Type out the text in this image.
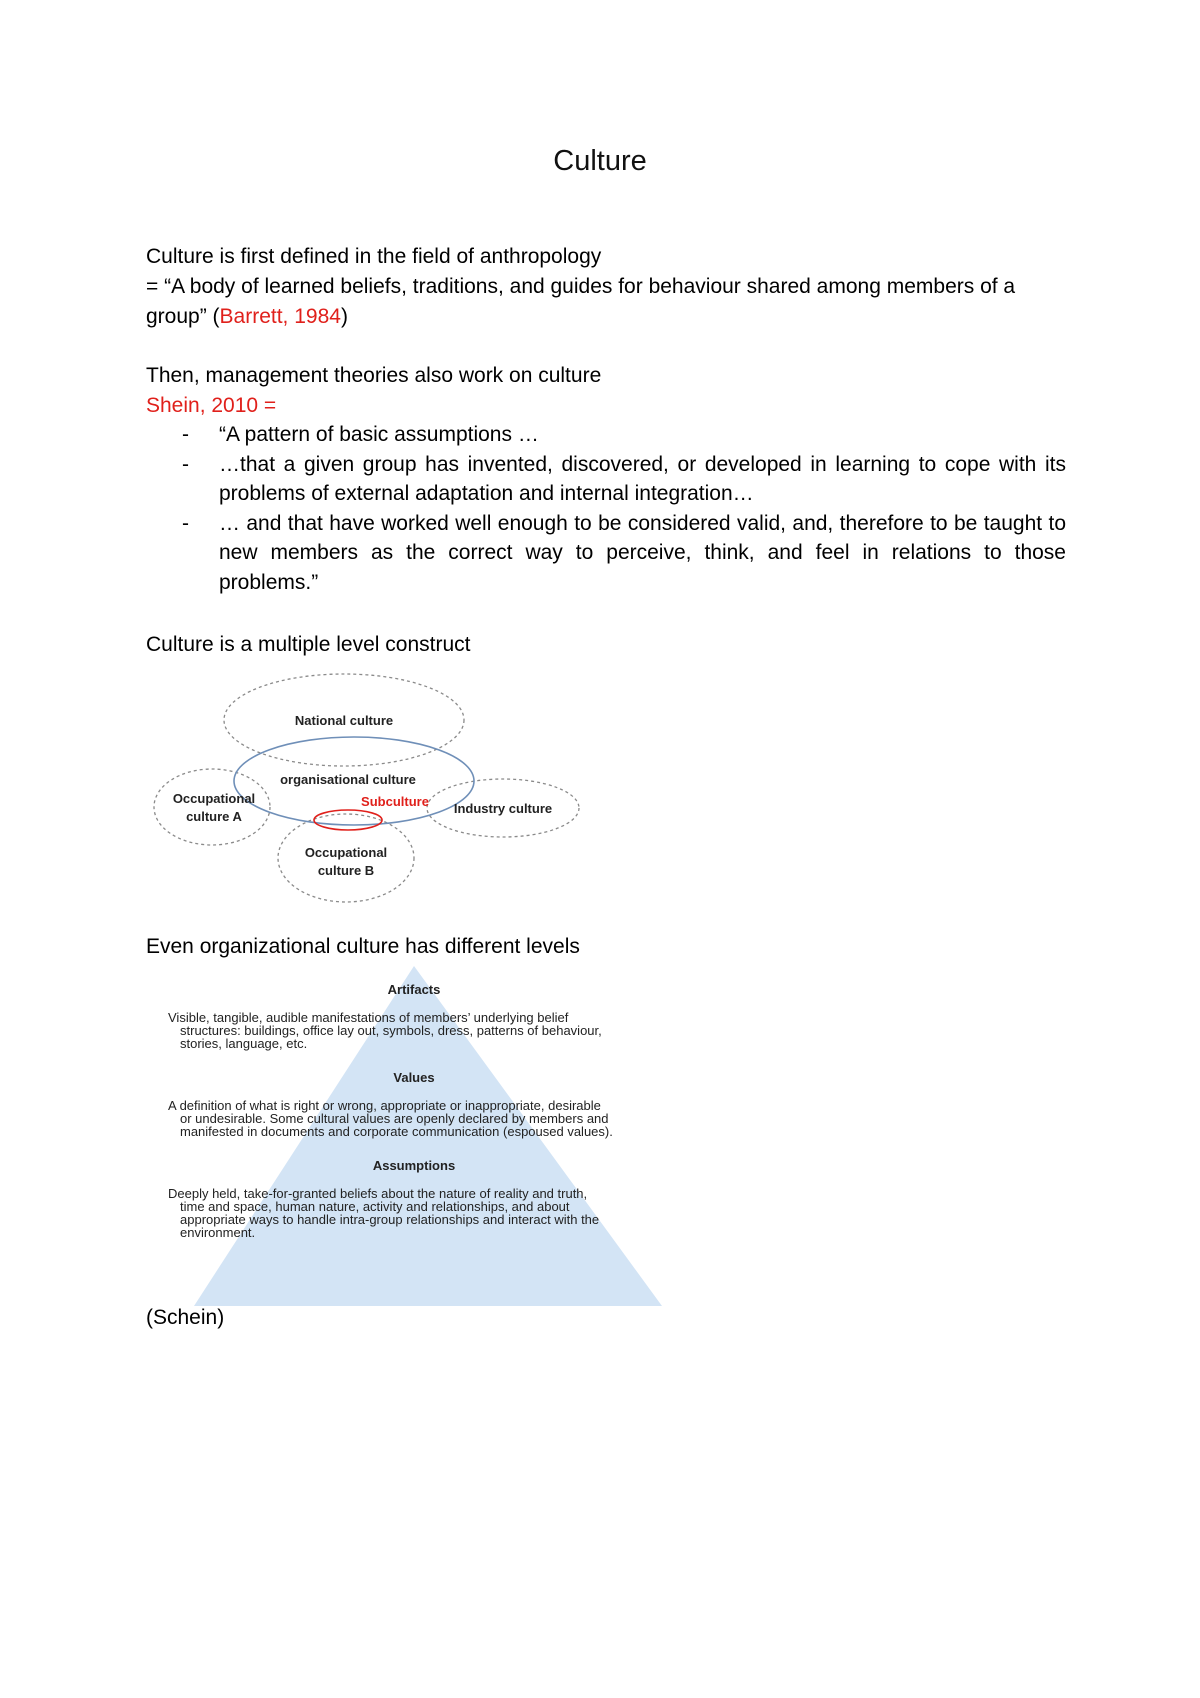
Culture

Culture is first defined in the field of anthropology

= “A body of learned beliefs, traditions, and guides for behaviour shared among members of a group” (Barrett, 1984)

Then, management theories also work on culture

Shein, 2010 =

- “A pattern of basic assumptions …
- …that a given group has invented, discovered, or developed in learning to cope with its problems of external adaptation and internal integration…
- … and that have worked well enough to be considered valid, and, therefore to be taught to new members as the correct way to perceive, think, and feel in relations to those problems.”

Culture is a multiple level construct

National culture
organisational culture
Industry culture
Occupational
culture A
Occupational
culture B
Subculture

Even organizational culture has different levels

Artifacts
Visible, tangible, audible manifestations of members’ underlying belief
structures: buildings, office lay out, symbols, dress, patterns of behaviour,
stories, language, etc.
Values
A definition of what is right or wrong, appropriate or inappropriate, desirable
or undesirable. Some cultural values are openly declared by members and
manifested in documents and corporate communication (espoused values).
Assumptions
Deeply held, take-for-granted beliefs about the nature of reality and truth,
time and space, human nature, activity and relationships, and about
appropriate ways to handle intra-group relationships and interact with the
environment.

(Schein)
